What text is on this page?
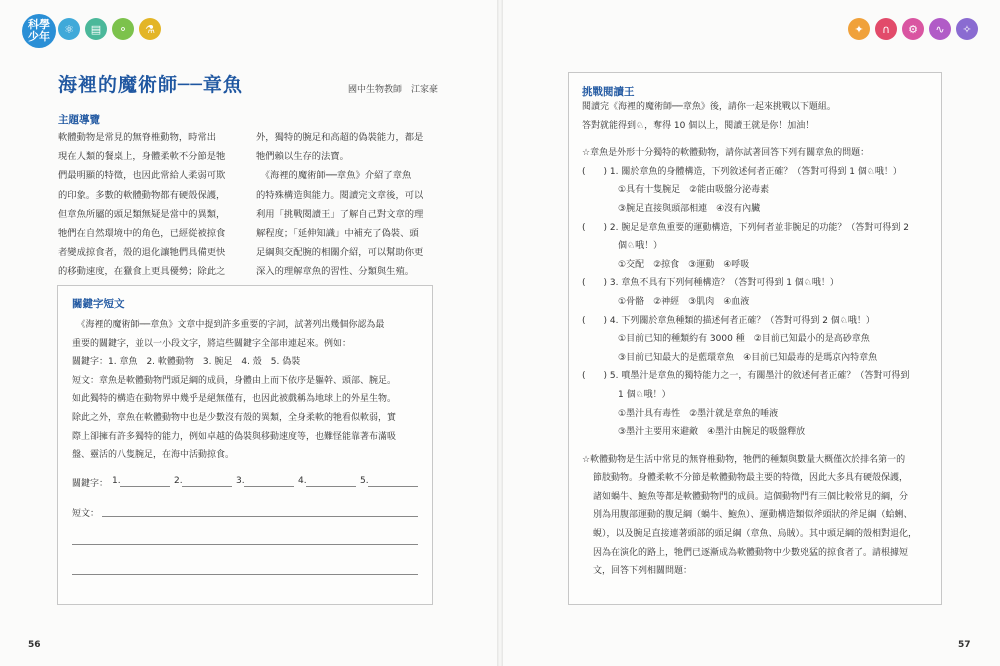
科學
少年
⚛	▤	⚬	⚗	✦	∩	⚙	∿	✧
海裡的魔術師──章魚	國中生物教師　江家豪
主題導覽

軟體動物是常見的無脊椎動物，時常出

現在人類的餐桌上，身體柔軟不分節是牠

們最明顯的特徵，也因此常給人柔弱可欺

的印象。多數的軟體動物都有硬殼保護，

但章魚所屬的頭足類無疑是當中的異類，

牠們在自然環境中的角色，已經從被掠食

者變成掠食者，殼的退化讓牠們具備更快

的移動速度，在獵食上更具優勢；除此之

外，獨特的腕足和高超的偽裝能力，都是

牠們賴以生存的法寶。

　《海裡的魔術師──章魚》介紹了章魚

的特殊構造與能力。閱讀完文章後，可以

利用「挑戰閱讀王」了解自己對文章的理

解程度；「延伸知識」中補充了偽裝、頭

足綱與交配腕的相關介紹，可以幫助你更

深入的理解章魚的習性、分類與生殖。

關鍵字短文

　《海裡的魔術師──章魚》文章中提到許多重要的字詞，試著列出幾個你認為最

重要的關鍵字，並以一小段文字，將這些關鍵字全部串連起來。例如：

關鍵字：1. 章魚　2. 軟體動物　3. 腕足　4. 殼　5. 偽裝

短文：章魚是軟體動物門頭足綱的成員，身體由上而下依序是軀幹、頭部、腕足。

如此獨特的構造在動物界中幾乎是絕無僅有，也因此被戲稱為地球上的外星生物。

除此之外，章魚在軟體動物中也是少數沒有殼的異類，全身柔軟的牠看似軟弱，實

際上卻擁有許多獨特的能力，例如卓越的偽裝與移動速度等，也難怪能靠著布滿吸

盤、靈活的八隻腕足，在海中活動掠食。

關鍵字： 1.	2.	3.	4.	5.
短文：
56
挑戰閱讀王

閱讀完《海裡的魔術師──章魚》後，請你一起來挑戰以下題組。

答對就能得到♘，奪得 10 個以上，閱讀王就是你！加油！

☆章魚是外形十分獨特的軟體動物，請你試著回答下列有關章魚的問題：

(　　) 1. 關於章魚的身體構造，下列敘述何者正確？（答對可得到 1 個♘哦！）

①具有十隻腕足　②能由吸盤分泌毒素

③腕足直接與頭部相連　④沒有內臟

(　　) 2. 腕足是章魚重要的運動構造，下列何者並非腕足的功能？（答對可得到 2

個♘哦！）

①交配　②掠食　③運動　④呼吸

(　　) 3. 章魚不具有下列何種構造？（答對可得到 1 個♘哦！）

①骨骼　②神經　③肌肉　④血液

(　　) 4. 下列關於章魚種類的描述何者正確？（答對可得到 2 個♘哦！）

①目前已知的種類約有 3000 種　②目前已知最小的是高砂章魚

③目前已知最大的是藍環章魚　④目前已知最毒的是瑪京內特章魚

(　　) 5. 噴墨汁是章魚的獨特能力之一，有關墨汁的敘述何者正確？（答對可得到

1 個♘哦！）

①墨汁具有毒性　②墨汁就是章魚的唾液

③墨汁主要用來避敵　④墨汁由腕足的吸盤釋放

☆軟體動物是生活中常見的無脊椎動物，牠們的種類與數量大概僅次於排名第一的

節肢動物。身體柔軟不分節是軟體動物最主要的特徵，因此大多具有硬殼保護，

諸如蝸牛、鮑魚等都是軟體動物門的成員。這個動物門有三個比較常見的綱，分

別為用腹部運動的腹足綱（蝸牛、鮑魚）、運動構造類似斧頭狀的斧足綱（蛤蜊、

蜆），以及腕足直接連著頭部的頭足綱（章魚、烏賊）。其中頭足綱的殼相對退化，

因為在演化的路上，牠們已逐漸成為軟體動物中少數兇猛的掠食者了。請根據短

文，回答下列相關問題：

57
